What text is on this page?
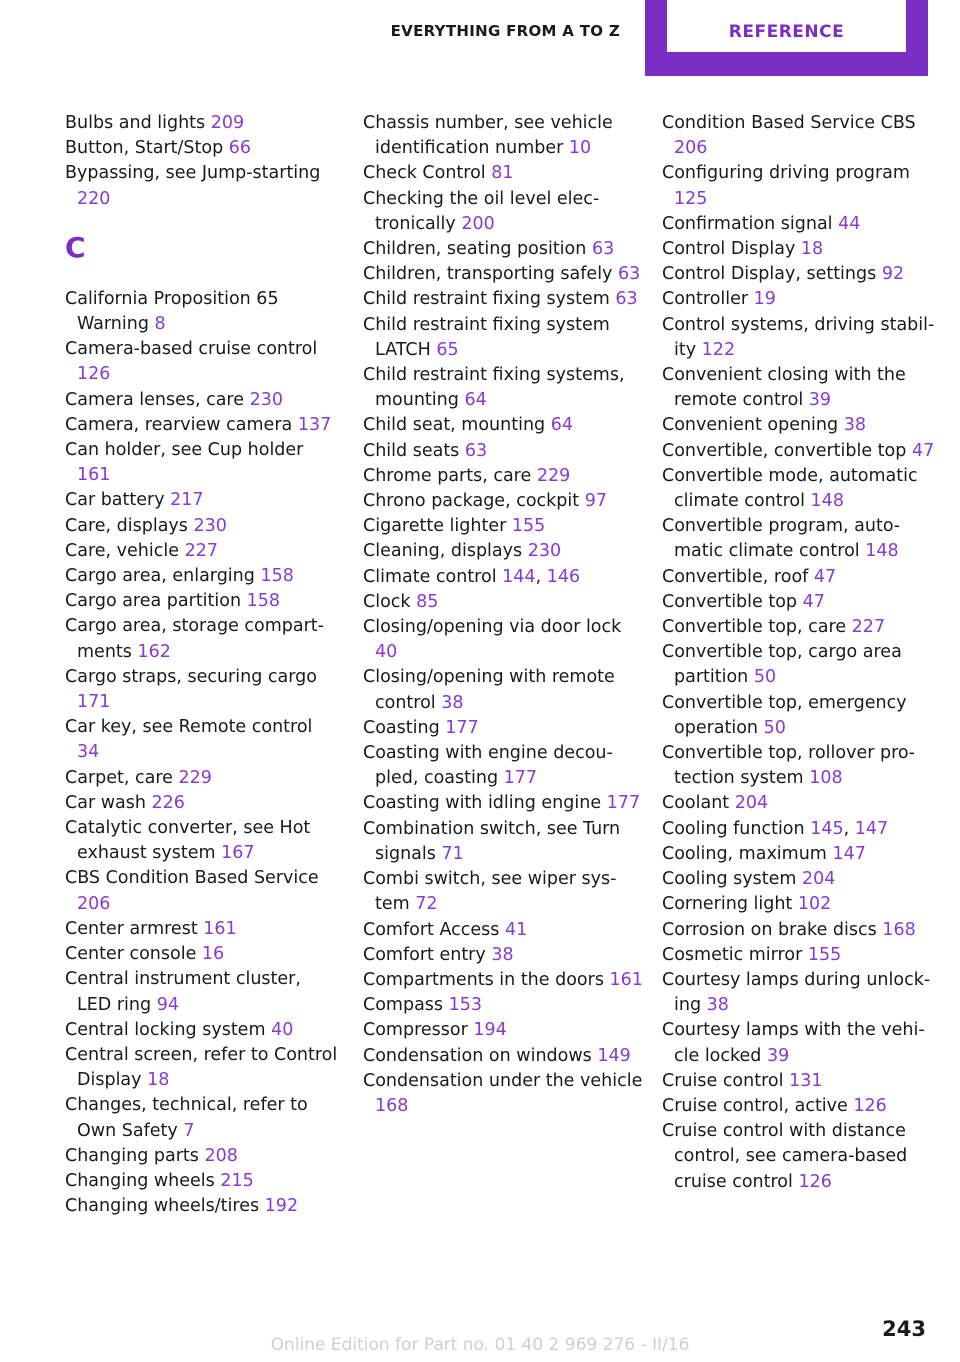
EVERYTHING FROM A TO Z	REFERENCE
Bulbs and lights 209
Button, Start/Stop 66
Bypassing, see Jump-starting 220
C
California Proposition 65 Warning 8
Camera-based cruise control 126
Camera lenses, care 230
Camera, rearview camera 137
Can holder, see Cup holder 161
Car battery 217
Care, displays 230
Care, vehicle 227
Cargo area, enlarging 158
Cargo area partition 158
Cargo area, storage compartments 162
Cargo straps, securing cargo 171
Car key, see Remote control 34
Carpet, care 229
Car wash 226
Catalytic converter, see Hot exhaust system 167
CBS Condition Based Service 206
Center armrest 161
Center console 16
Central instrument cluster, LED ring 94
Central locking system 40
Central screen, refer to Control Display 18
Changes, technical, refer to Own Safety 7
Changing parts 208
Changing wheels 215
Changing wheels/tires 192
Chassis number, see vehicle identification number 10
Check Control 81
Checking the oil level electronically 200
Children, seating position 63
Children, transporting safely 63
Child restraint fixing system 63
Child restraint fixing system LATCH 65
Child restraint fixing systems, mounting 64
Child seat, mounting 64
Child seats 63
Chrome parts, care 229
Chrono package, cockpit 97
Cigarette lighter 155
Cleaning, displays 230
Climate control 144, 146
Clock 85
Closing/opening via door lock 40
Closing/opening with remote control 38
Coasting 177
Coasting with engine decoupled, coasting 177
Coasting with idling engine 177
Combination switch, see Turn signals 71
Combi switch, see wiper system 72
Comfort Access 41
Comfort entry 38
Compartments in the doors 161
Compass 153
Compressor 194
Condensation on windows 149
Condensation under the vehicle 168
Condition Based Service CBS 206
Configuring driving program 125
Confirmation signal 44
Control Display 18
Control Display, settings 92
Controller 19
Control systems, driving stability 122
Convenient closing with the remote control 39
Convenient opening 38
Convertible, convertible top 47
Convertible mode, automatic climate control 148
Convertible program, automatic climate control 148
Convertible, roof 47
Convertible top 47
Convertible top, care 227
Convertible top, cargo area partition 50
Convertible top, emergency operation 50
Convertible top, rollover protection system 108
Coolant 204
Cooling function 145, 147
Cooling, maximum 147
Cooling system 204
Cornering light 102
Corrosion on brake discs 168
Cosmetic mirror 155
Courtesy lamps during unlocking 38
Courtesy lamps with the vehicle locked 39
Cruise control 131
Cruise control, active 126
Cruise control with distance control, see camera-based cruise control 126
243
Online Edition for Part no. 01 40 2 969 276 - II/16
